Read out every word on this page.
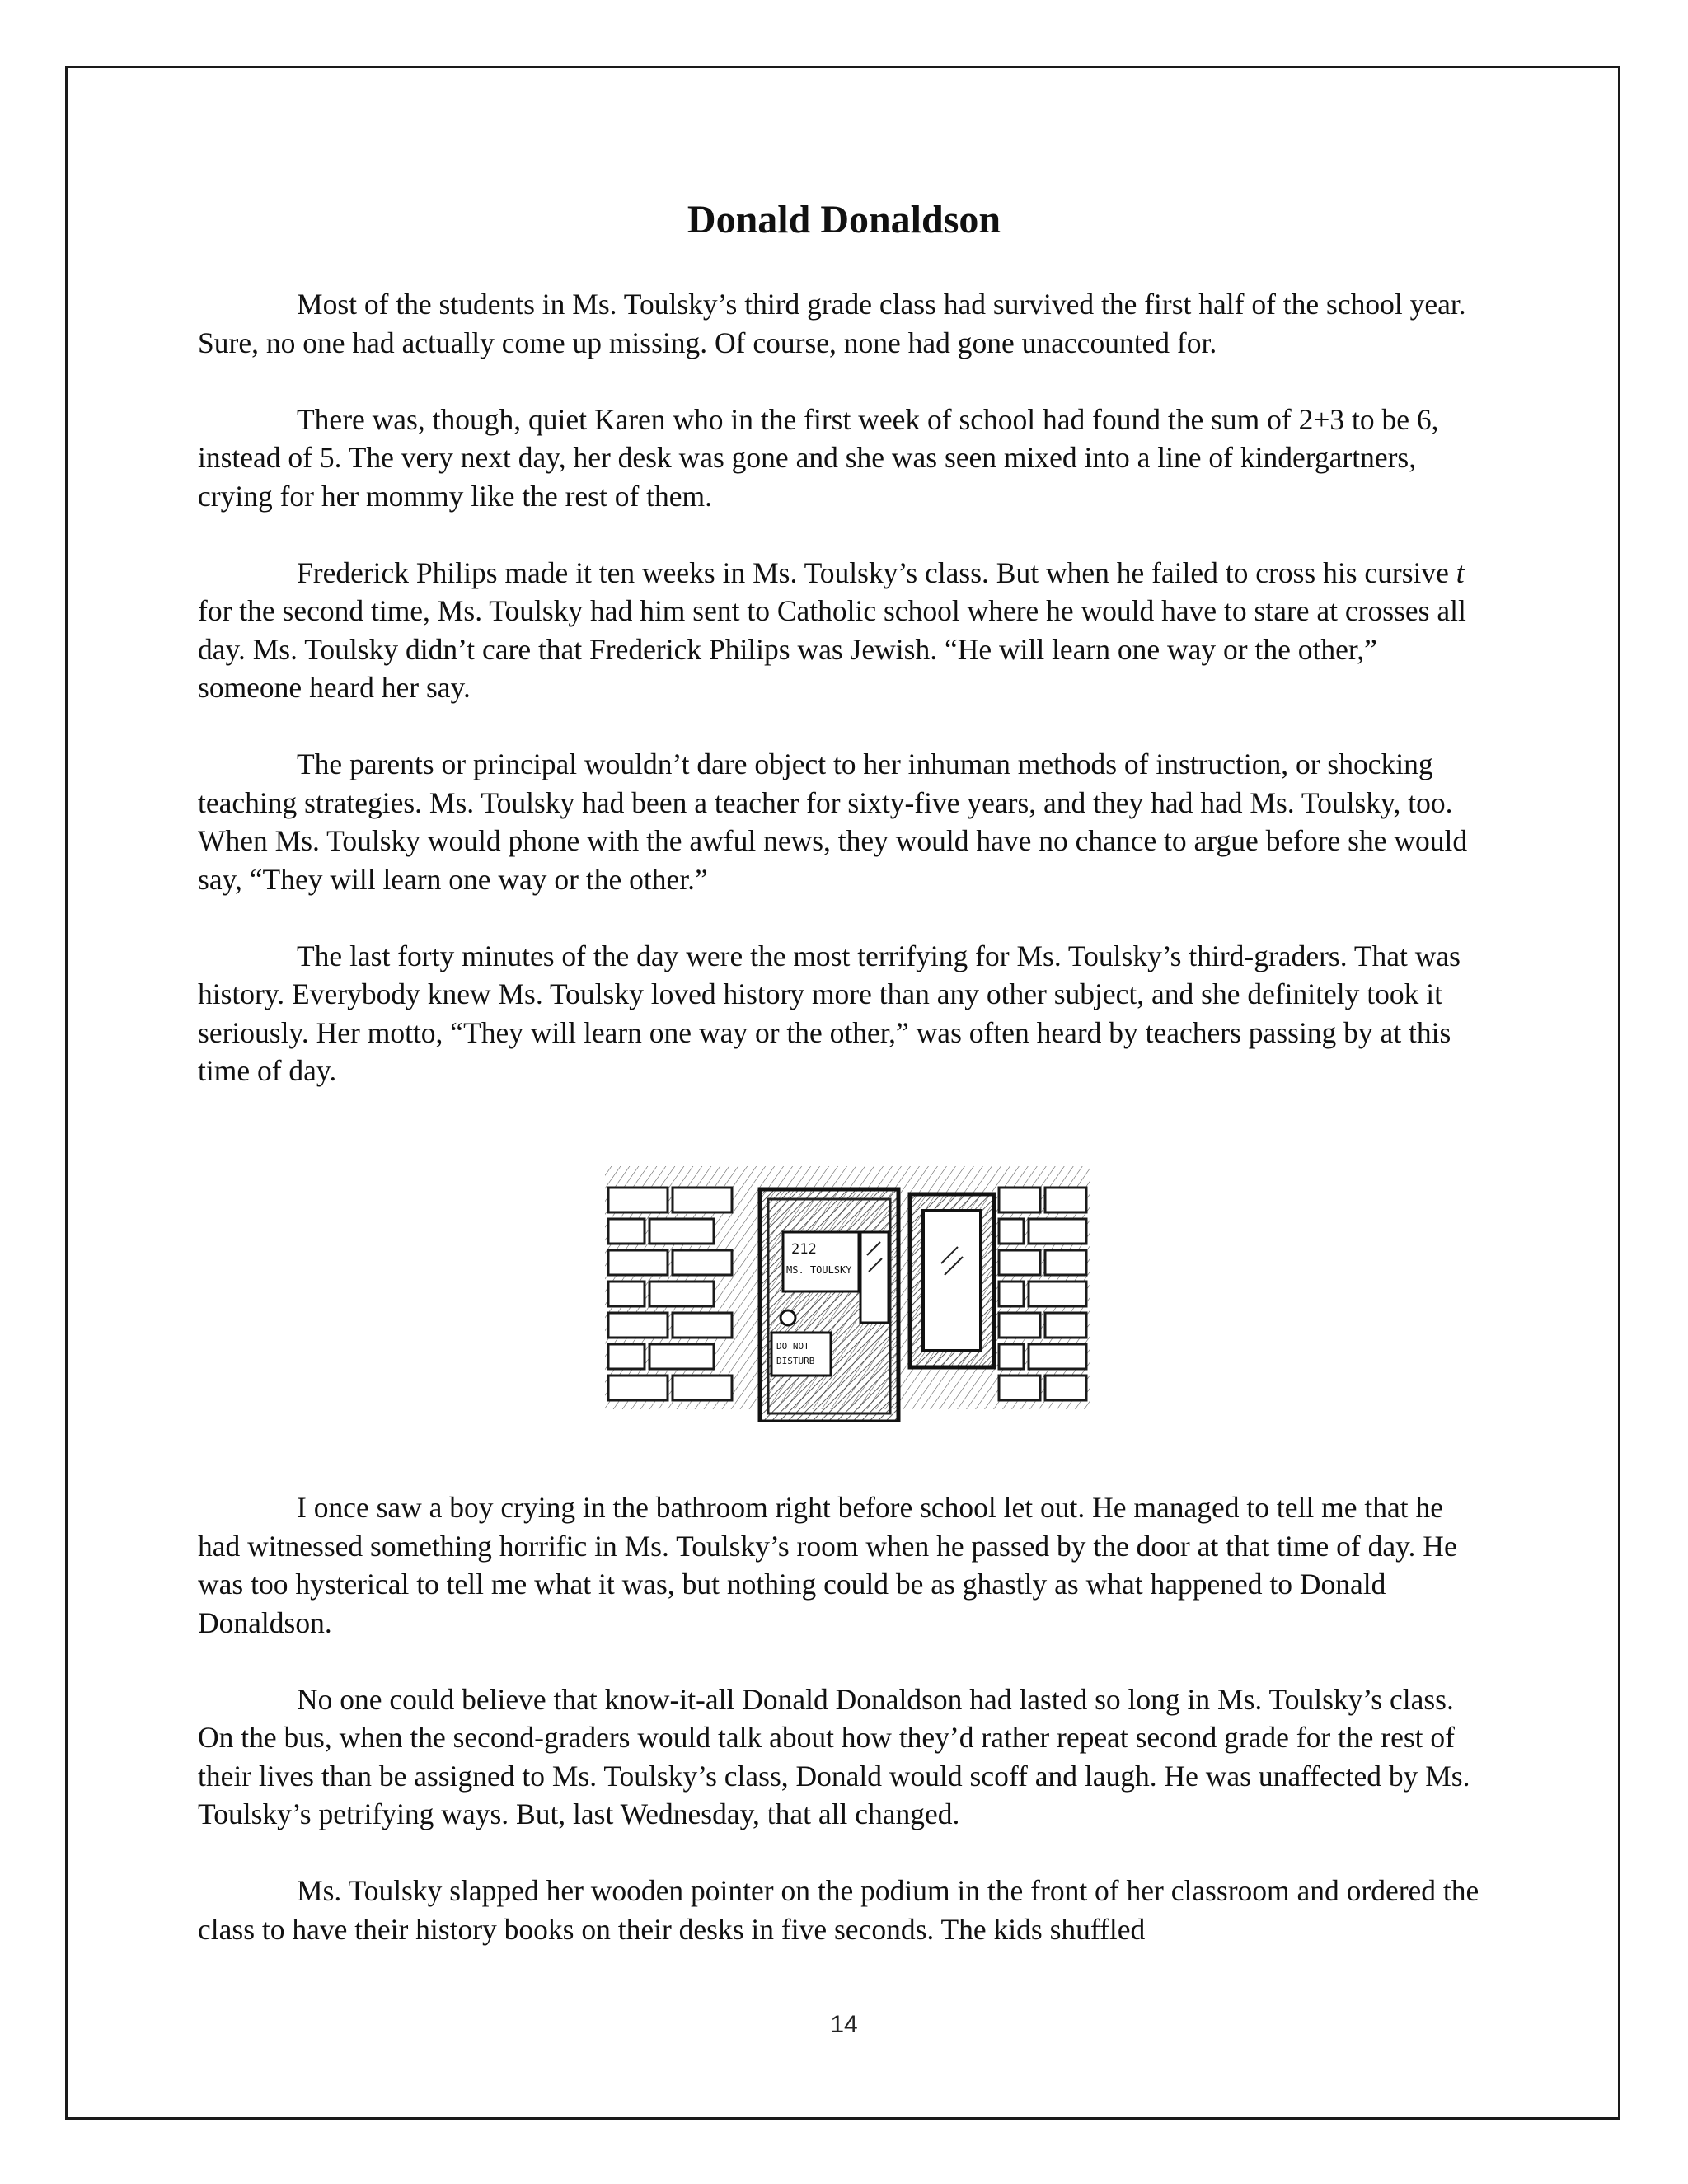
Donald Donaldson

Most of the students in Ms. Toulsky’s third grade class had survived the first half of the school year. Sure, no one had actually come up missing. Of course, none had gone unaccounted for.

There was, though, quiet Karen who in the first week of school had found the sum of 2+3 to be 6, instead of 5. The very next day, her desk was gone and she was seen mixed into a line of kindergartners, crying for her mommy like the rest of them.

Frederick Philips made it ten weeks in Ms. Toulsky’s class. But when he failed to cross his cursive t for the second time, Ms. Toulsky had him sent to Catholic school where he would have to stare at crosses all day. Ms. Toulsky didn’t care that Frederick Philips was Jewish. “He will learn one way or the other,” someone heard her say.

The parents or principal wouldn’t dare object to her inhuman methods of instruction, or shocking teaching strategies. Ms. Toulsky had been a teacher for sixty-five years, and they had had Ms. Toulsky, too. When Ms. Toulsky would phone with the awful news, they would have no chance to argue before she would say, “They will learn one way or the other.”

The last forty minutes of the day were the most terrifying for Ms. Toulsky’s third-graders. That was history. Everybody knew Ms. Toulsky loved history more than any other subject, and she definitely took it seriously. Her motto, “They will learn one way or the other,” was often heard by teachers passing by at this time of day.

212
MS. TOULSKY
DO NOT
DISTURB

I once saw a boy crying in the bathroom right before school let out. He managed to tell me that he had witnessed something horrific in Ms. Toulsky’s room when he passed by the door at that time of day. He was too hysterical to tell me what it was, but nothing could be as ghastly as what happened to Donald Donaldson.

No one could believe that know-it-all Donald Donaldson had lasted so long in Ms. Toulsky’s class. On the bus, when the second-graders would talk about how they’d rather repeat second grade for the rest of their lives than be assigned to Ms. Toulsky’s class, Donald would scoff and laugh. He was unaffected by Ms. Toulsky’s petrifying ways. But, last Wednesday, that all changed.

Ms. Toulsky slapped her wooden pointer on the podium in the front of her classroom and ordered the class to have their history books on their desks in five seconds. The kids shuffled

14
